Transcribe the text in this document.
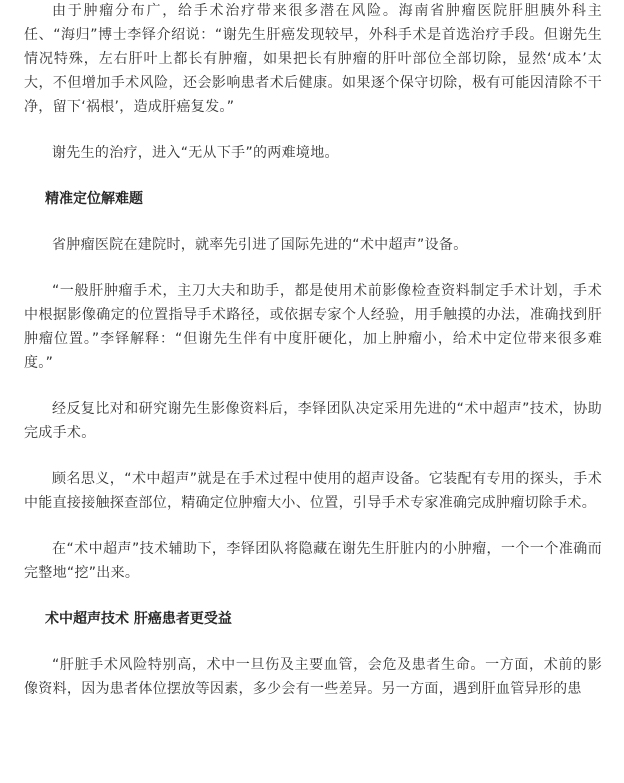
由于肿瘤分布广，给手术治疗带来很多潜在风险。海南省肿瘤医院肝胆胰外科主任、“海归”博士李铎介绍说：“谢先生肝癌发现较早，外科手术是首选治疗手段。但谢先生情况特殊，左右肝叶上都长有肿瘤，如果把长有肿瘤的肝叶部位全部切除，显然‘成本’太大，不但增加手术风险，还会影响患者术后健康。如果逐个保守切除，极有可能因清除不干净，留下‘祸根’，造成肝癌复发。”

谢先生的治疗，进入“无从下手”的两难境地。

精准定位解难题

省肿瘤医院在建院时，就率先引进了国际先进的“术中超声”设备。

“一般肝肿瘤手术，主刀大夫和助手，都是使用术前影像检查资料制定手术计划，手术中根据影像确定的位置指导手术路径，或依据专家个人经验，用手触摸的办法，准确找到肝肿瘤位置。”李铎解释：“但谢先生伴有中度肝硬化，加上肿瘤小，给术中定位带来很多难度。”

经反复比对和研究谢先生影像资料后，李铎团队决定采用先进的“术中超声”技术，协助完成手术。

顾名思义，“术中超声”就是在手术过程中使用的超声设备。它装配有专用的探头，手术中能直接接触探查部位，精确定位肿瘤大小、位置，引导手术专家准确完成肿瘤切除手术。

在“术中超声”技术辅助下，李铎团队将隐藏在谢先生肝脏内的小肿瘤，一个一个准确而完整地“挖”出来。

术中超声技术 肝癌患者更受益

“肝脏手术风险特别高，术中一旦伤及主要血管，会危及患者生命。一方面，术前的影像资料，因为患者体位摆放等因素，多少会有一些差异。另一方面，遇到肝血管异形的患
